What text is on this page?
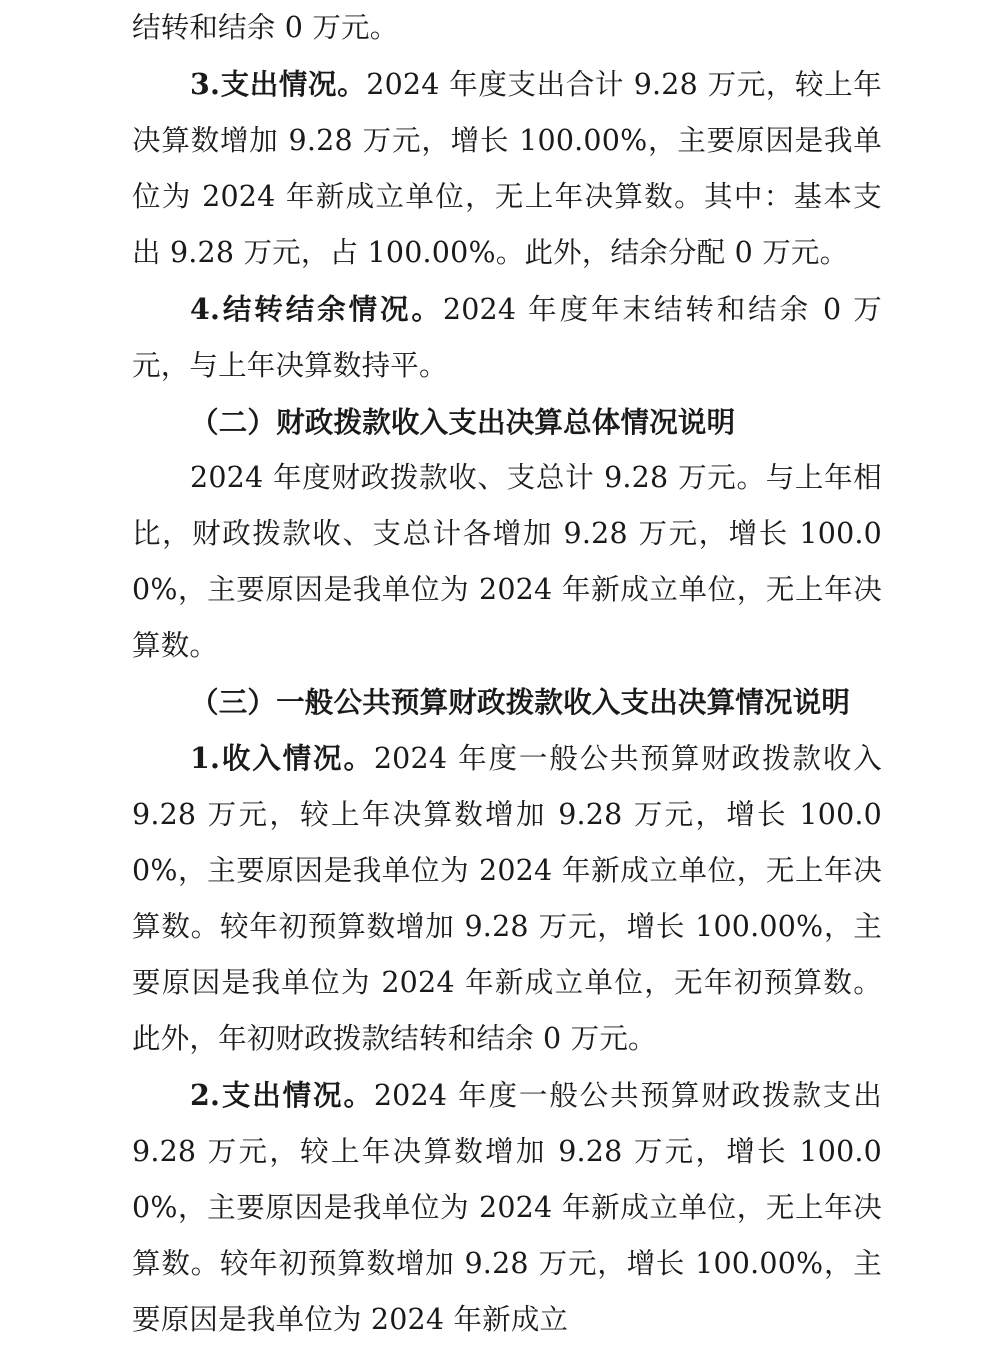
结转和结余 0 万元。

3.支出情况。2024 年度支出合计 9.28 万元，较上年决算数增加 9.28 万元，增长 100.00%，主要原因是我单位为 2024 年新成立单位，无上年决算数。其中：基本支出 9.28 万元，占 100.00%。此外，结余分配 0 万元。

4.结转结余情况。2024 年度年末结转和结余 0 万元，与上年决算数持平。

（二）财政拨款收入支出决算总体情况说明

2024 年度财政拨款收、支总计 9.28 万元。与上年相比，财政拨款收、支总计各增加 9.28 万元，增长 100.00%，主要原因是我单位为 2024 年新成立单位，无上年决算数。

（三）一般公共预算财政拨款收入支出决算情况说明

1.收入情况。2024 年度一般公共预算财政拨款收入 9.28 万元，较上年决算数增加 9.28 万元，增长 100.00%，主要原因是我单位为 2024 年新成立单位，无上年决算数。较年初预算数增加 9.28 万元，增长 100.00%，主要原因是我单位为 2024 年新成立单位，无年初预算数。此外，年初财政拨款结转和结余 0 万元。

2.支出情况。2024 年度一般公共预算财政拨款支出 9.28 万元，较上年决算数增加 9.28 万元，增长 100.00%，主要原因是我单位为 2024 年新成立单位，无上年决算数。较年初预算数增加 9.28 万元，增长 100.00%，主要原因是我单位为 2024 年新成立
